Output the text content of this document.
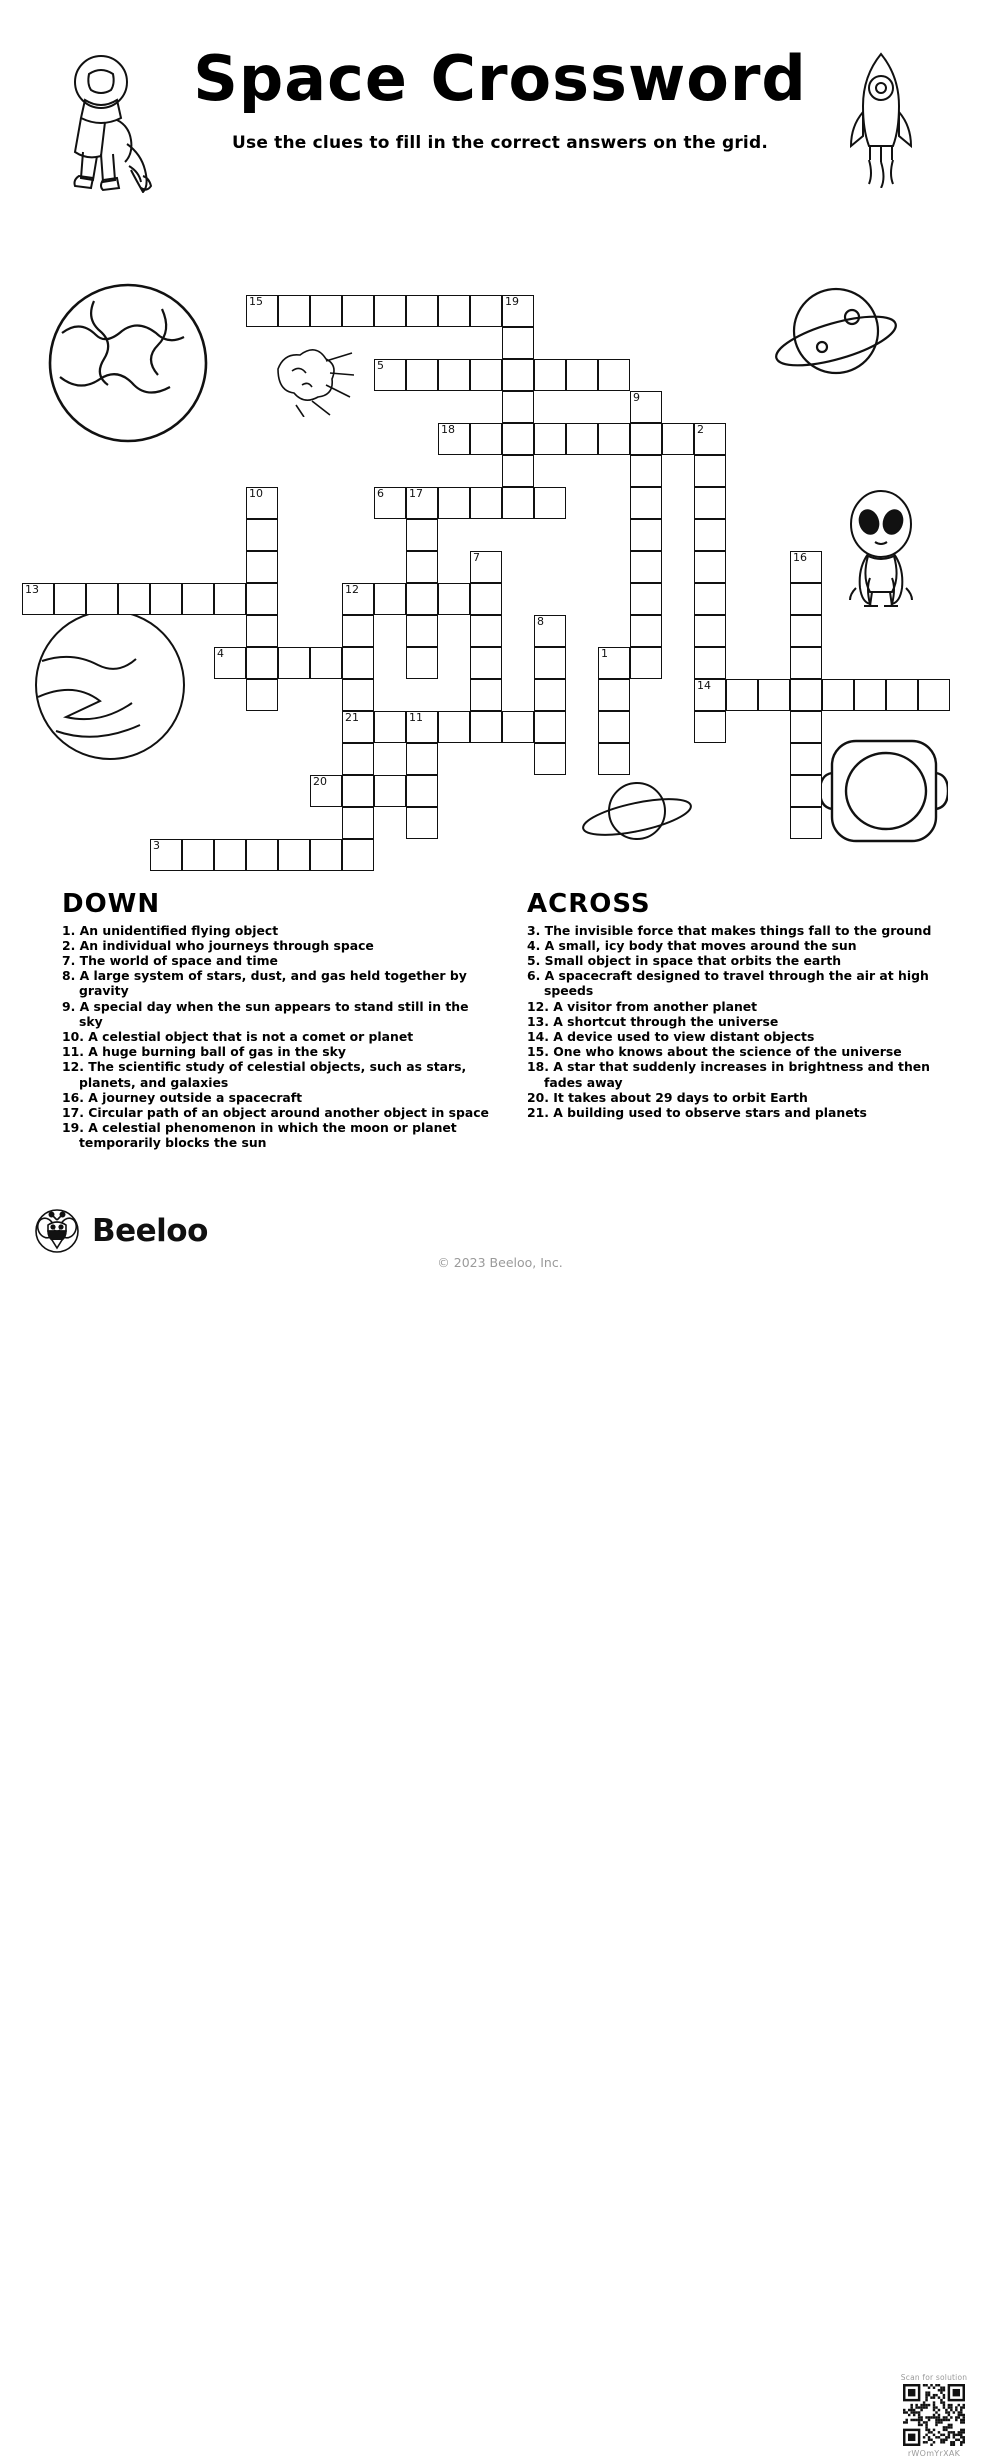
Space Crossword
Use the clues to fill in the correct answers on the grid.
15	19
5
9
18	2
14
6 17
10
7	16
13	12
21
8
1
4
11
20
3
DOWN
1. An unidentified flying object
2. An individual who journeys through space
7. The world of space and time
8. A large system of stars, dust, and gas held together by gravity
9. A special day when the sun appears to stand still in the sky
10. A celestial object that is not a comet or planet
11. A huge burning ball of gas in the sky
12. The scientific study of celestial objects, such as stars, planets, and galaxies
16. A journey outside a spacecraft
17. Circular path of an object around another object in space
19. A celestial phenomenon in which the moon or planet temporarily blocks the sun
ACROSS
3. The invisible force that makes things fall to the ground
4. A small, icy body that moves around the sun
5. Small object in space that orbits the earth
6. A spacecraft designed to travel through the air at high speeds
12. A visitor from another planet
13. A shortcut through the universe
14. A device used to view distant objects
15. One who knows about the science of the universe
18. A star that suddenly increases in brightness and then fades away
20. It takes about 29 days to orbit Earth
21. A building used to observe stars and planets
Beeloo
Scan for solution
rWOmYrXAK
© 2023 Beeloo, Inc.
